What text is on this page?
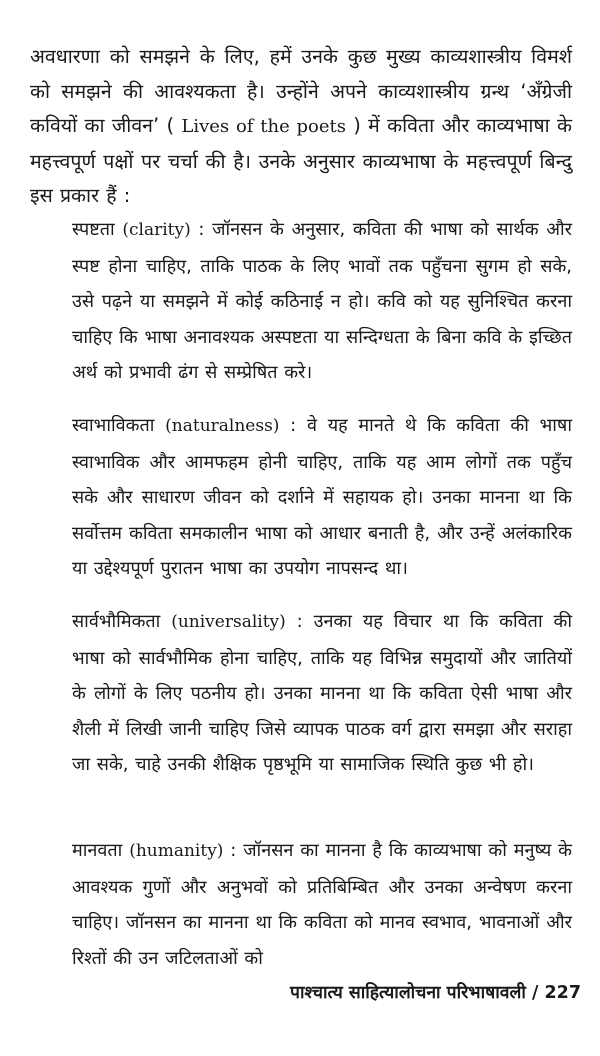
अवधारणा को समझने के लिए, हमें उनके कुछ मुख्य काव्यशास्त्रीय विमर्श को समझने की आवश्यकता है। उन्होंने अपने काव्यशास्त्रीय ग्रन्थ ‘अँग्रेजी कवियों का जीवन’ ( Lives of the poets ) में कविता और काव्यभाषा के महत्त्वपूर्ण पक्षों पर चर्चा की है। उनके अनुसार काव्यभाषा के महत्त्वपूर्ण बिन्दु इस प्रकार हैं :

स्पष्टता (clarity) : जॉनसन के अनुसार, कविता की भाषा को सार्थक और स्पष्ट होना चाहिए, ताकि पाठक के लिए भावों तक पहुँचना सुगम हो सके, उसे पढ़ने या समझने में कोई कठिनाई न हो। कवि को यह सुनिश्चित करना चाहिए कि भाषा अनावश्यक अस्पष्टता या सन्दिग्धता के बिना कवि के इच्छित अर्थ को प्रभावी ढंग से सम्प्रेषित करे।

स्वाभाविकता (naturalness) : वे यह मानते थे कि कविता की भाषा स्वाभाविक और आमफहम होनी चाहिए, ताकि यह आम लोगों तक पहुँच सके और साधारण जीवन को दर्शाने में सहायक हो। उनका मानना था कि सर्वोत्तम कविता समकालीन भाषा को आधार बनाती है, और उन्हें अलंकारिक या उद्देश्यपूर्ण पुरातन भाषा का उपयोग नापसन्द था।

सार्वभौमिकता (universality) : उनका यह विचार था कि कविता की भाषा को सार्वभौमिक होना चाहिए, ताकि यह विभिन्न समुदायों और जातियों के लोगों के लिए पठनीय हो। उनका मानना था कि कविता ऐसी भाषा और शैली में लिखी जानी चाहिए जिसे व्यापक पाठक वर्ग द्वारा समझा और सराहा जा सके, चाहे उनकी शैक्षिक पृष्ठभूमि या सामाजिक स्थिति कुछ भी हो।

मानवता (humanity) : जॉनसन का मानना है कि काव्यभाषा को मनुष्य के आवश्यक गुणों और अनुभवों को प्रतिबिम्बित और उनका अन्वेषण करना चाहिए। जॉनसन का मानना था कि कविता को मानव स्वभाव, भावनाओं और रिश्तों की उन जटिलताओं को

पाश्चात्य साहित्यालोचना परिभाषावली / 227
